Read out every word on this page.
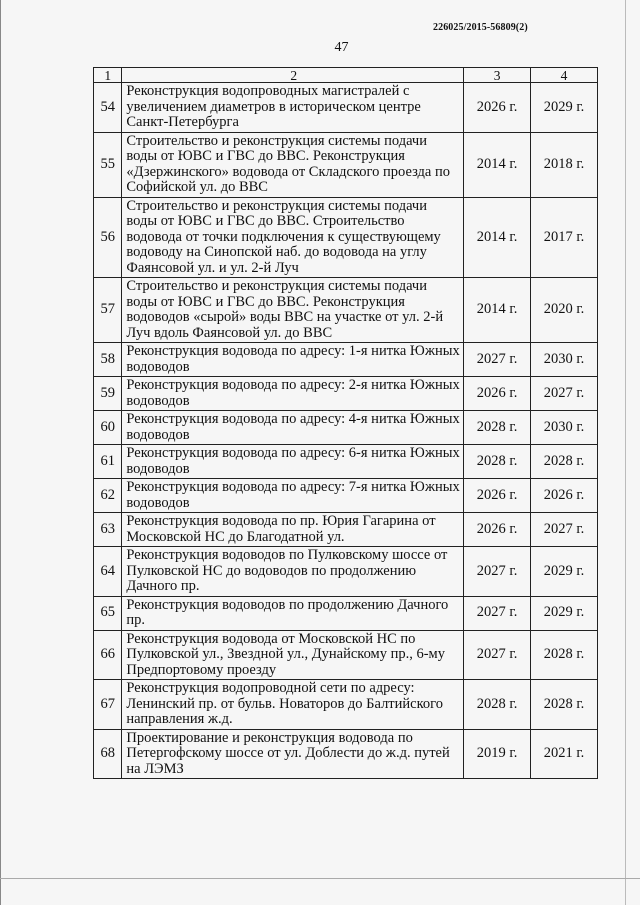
226025/2015-56809(2)
47
1	2	3	4
54	Реконструкция водопроводных магистралей с увеличением диаметров в историческом центре Санкт-Петербурга	2026 г.	2029 г.
55	Строительство и реконструкция системы подачи воды от ЮВС и ГВС до ВВС. Реконструкция «Дзержинского» водовода от Складского проезда по Софийской ул. до ВВС	2014 г.	2018 г.
56	Строительство и реконструкция системы подачи воды от ЮВС и ГВС до ВВС. Строительство водовода от точки подключения к существующему водоводу на Синопской наб. до водовода на углу Фаянсовой ул. и ул. 2-й Луч	2014 г.	2017 г.
57	Строительство и реконструкция системы подачи воды от ЮВС и ГВС до ВВС. Реконструкция водоводов «сырой» воды ВВС на участке от ул. 2-й Луч вдоль Фаянсовой ул. до ВВС	2014 г.	2020 г.
58	Реконструкция водовода по адресу: 1-я нитка Южных водоводов	2027 г.	2030 г.
59	Реконструкция водовода по адресу: 2-я нитка Южных водоводов	2026 г.	2027 г.
60	Реконструкция водовода по адресу: 4-я нитка Южных водоводов	2028 г.	2030 г.
61	Реконструкция водовода по адресу: 6-я нитка Южных водоводов	2028 г.	2028 г.
62	Реконструкция водовода по адресу: 7-я нитка Южных водоводов	2026 г.	2026 г.
63	Реконструкция водовода по пр. Юрия Гагарина от Московской НС до Благодатной ул.	2026 г.	2027 г.
64	Реконструкция водоводов по Пулковскому шоссе от Пулковской НС до водоводов по продолжению Дачного пр.	2027 г.	2029 г.
65	Реконструкция водоводов по продолжению Дачного пр.	2027 г.	2029 г.
66	Реконструкция водовода от Московской НС по Пулковской ул., Звездной ул., Дунайскому пр., 6-му Предпортовому проезду	2027 г.	2028 г.
67	Реконструкция водопроводной сети по адресу: Ленинский пр. от бульв. Новаторов до Балтийского направления ж.д.	2028 г.	2028 г.
68	Проектирование и реконструкция водовода по Петергофскому шоссе от ул. Доблести до ж.д. путей на ЛЭМЗ	2019 г.	2021 г.
